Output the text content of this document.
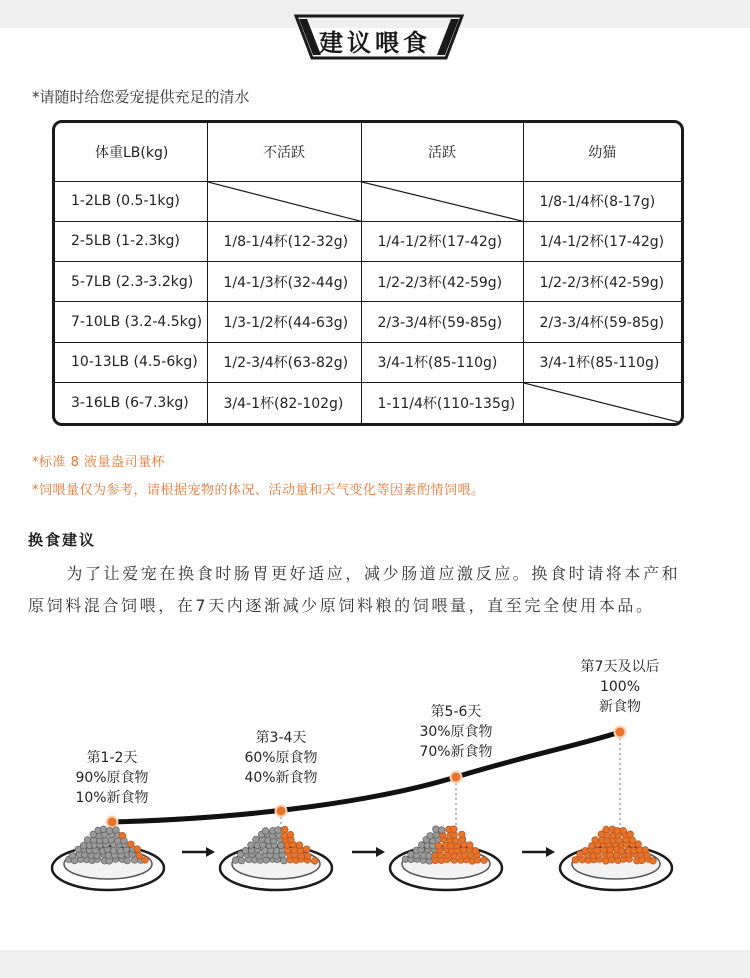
建议喂食
*请随时给您爱宠提供充足的清水
体重LB(kg)	不活跃	活跃	幼猫
1-2LB (0.5-1kg)			1/8-1/4杯(8-17g)
2-5LB (1-2.3kg)	1/8-1/4杯(12-32g)	1/4-1/2杯(17-42g)	1/4-1/2杯(17-42g)
5-7LB (2.3-3.2kg)	1/4-1/3杯(32-44g)	1/2-2/3杯(42-59g)	1/2-2/3杯(42-59g)
7-10LB (3.2-4.5kg)	1/3-1/2杯(44-63g)	2/3-3/4杯(59-85g)	2/3-3/4杯(59-85g)
10-13LB (4.5-6kg)	1/2-3/4杯(63-82g)	3/4-1杯(85-110g)	3/4-1杯(85-110g)
3-16LB (6-7.3kg)	3/4-1杯(82-102g)	1-11/4杯(110-135g)	
*标准 8 液量盎司量杯
*饲喂量仅为参考，请根据宠物的体况、活动量和天气变化等因素酌情饲喂。
换食建议

为了让爱宠在换食时肠胃更好适应，减少肠道应激反应。换食时请将本产和原饲料混合饲喂，在7天内逐渐减少原饲料粮的饲喂量，直至完全使用本品。

第1-2天
90%原食物
10%新食物
第3-4天
60%原食物
40%新食物
第5-6天
30%原食物
70%新食物
第7天及以后
100%
新食物
